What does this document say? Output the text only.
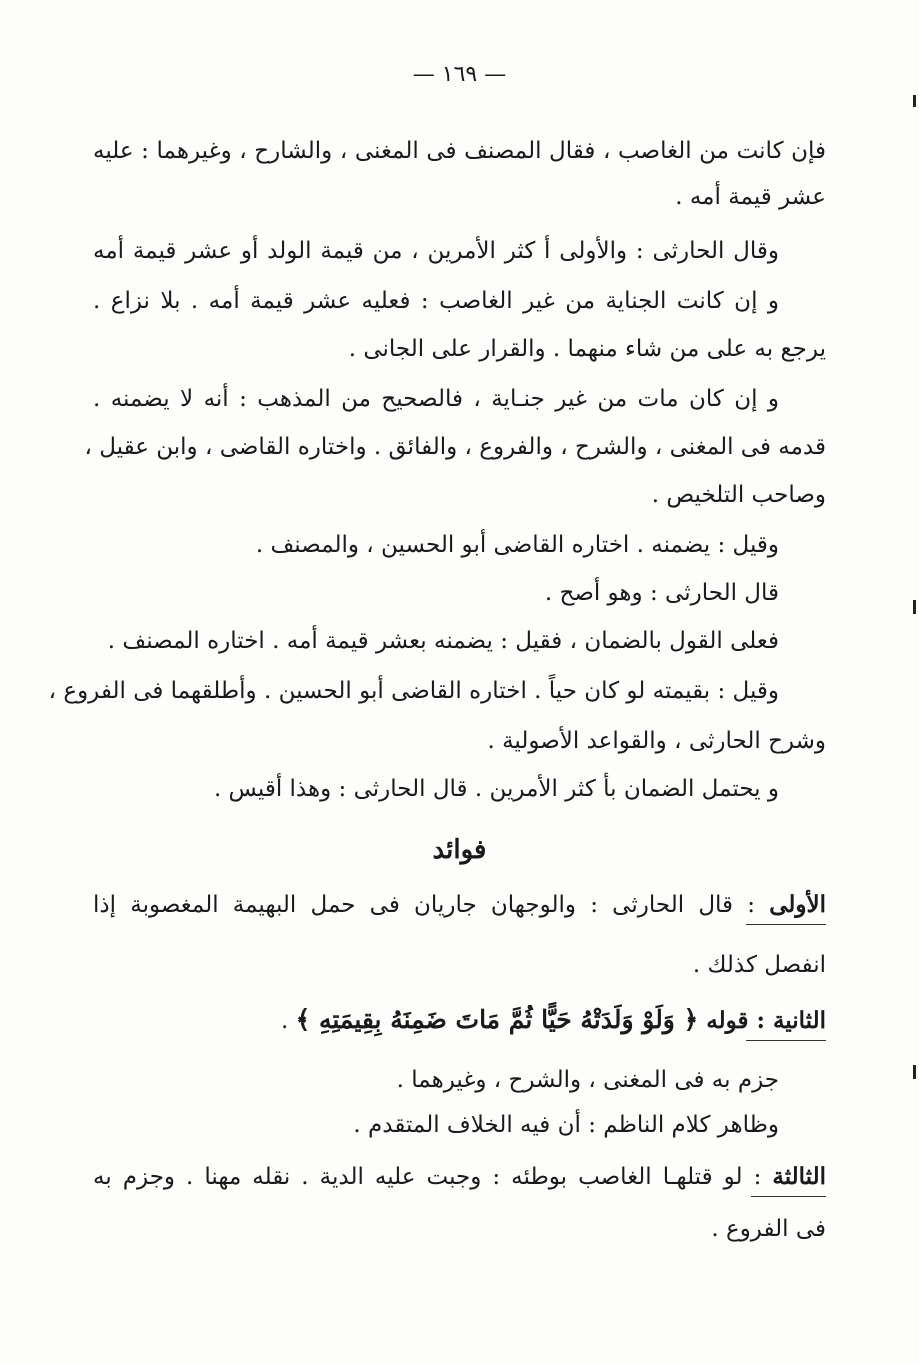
— ١٦٩ —
فإن كانت من الغاصب ، فقال المصنف فى المغنى ، والشارح ، وغيرهما : عليه
عشر قيمة أمه .
وقال الحارثى : والأولى أ كثر الأمرين ، من قيمة الولد أو عشر قيمة أمه
و إن كانت الجناية من غير الغاصب : فعليه عشر قيمة أمه . بلا نزاع .
يرجع به على من شاء منهما . والقرار على الجانى .
و إن كان مات من غير جنـاية ، فالصحيح من المذهب : أنه لا يضمنه .
قدمه فى المغنى ، والشرح ، والفروع ، والفائق . واختاره القاضى ، وابن عقيل ،
وصاحب التلخيص .
وقيل : يضمنه . اختاره القاضى أبو الحسين ، والمصنف .
قال الحارثى : وهو أصح .
فعلى القول بالضمان ، فقيل : يضمنه بعشر قيمة أمه . اختاره المصنف .
وقيل : بقيمته لو كان حياً . اختاره القاضى أبو الحسين . وأطلقهما فى الفروع ،
وشرح الحارثى ، والقواعد الأصولية .
و يحتمل الضمان بأ كثر الأمرين . قال الحارثى : وهذا أقيس .
فوائد
الأولى : قال الحارثى : والوجهان جاريان فى حمل البهيمة المغصوبة إذا
انفصل كذلك .
الثانية : قوله ﴿ وَلَوْ وَلَدَتْهُ حَيًّا ثُمَّ مَاتَ ضَمِنَهُ بِقِيمَتِهِ ﴾ .
جزم به فى المغنى ، والشرح ، وغيرهما .
وظاهر كلام الناظم : أن فيه الخلاف المتقدم .
الثالثة : لو قتلهـا الغاصب بوطئه : وجبت عليه الدية . نقله مهنا . وجزم به
فى الفروع .
